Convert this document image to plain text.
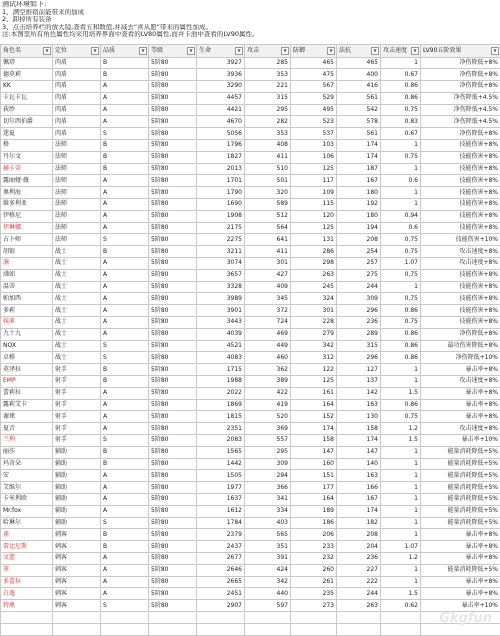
测试环境如下:
1、满空推销前能带来的加成
2、卸掉所有装备
3、点击培养栏的放大镜,查看五和数值,并减去“喜从愿”带来的属性加成。
注:本图里所有角色属性均来用培养界面中查看的LV80属性,而并卡池中查看的LV90属性。
角色名 ▼	定位 ▼	品质 ▼	等级 ▼	生命 ▼	攻击 ▼	防御 ▼	法抗 ▼	攻击速度 ▼	LV90五阶效果 ▼

佩塔	肉盾	B	5阶80	3927	285	465	465	1	净伤降低+8%
德莫莉	肉盾	B	5阶80	3936	353	475	400	0.67	净伤降低+8%
KK	肉盾	A	5阶80	3290	221	567	416	0.86	净伤降低+8%
卡瓦卡瓦	肉盾	A	5阶80	4457	315	529	561	0.86	净伤降低+4.5%
荻纱	肉盾	A	5阶80	4421	295	495	542	0.75	净伤降低+4.5%
切尔西伯爵	肉盾	A	5阶80	4670	282	523	578	0.83	净伤降低+4.5%
迷夏	肉盾	S	5阶80	5056	353	537	561	0.67	净伤降低+8%
格	法师	B	5阶80	1796	408	103	174	1	技能伤害+8%
丹尔文	法师	B	5阶80	1827	411	106	174	0.75	技能伤害+8%
赫卡蒂	法师	B	5阶80	2013	510	125	187	1	技能伤害+8%
露丽娅·薇	法师	A	5阶80	1701	501	117	167	0.6	技能伤害+8%
奥利海	法师	A	5阶80	1790	320	109	180	1	技能伤害+8%
維多利亚	法师	A	5阶80	1690	589	115	192	1	技能伤害+8%
伊格尼	法师	A	5阶80	1908	512	120	180	0.94	技能伤害+8%
伊琳娜	法师	A	5阶80	2175	564	125	194	0.6	技能伤害+8%
占卜师	法师	S	5阶80	2275	641	131	208	0.75	技能伤害+10%
胡银	战士	B	5阶80	3211	411	286	254	0.75	攻击速度+8%
凛	战士	A	5阶80	3074	301	298	257	1.07	攻击速度+8%
沸如	战士	A	5阶80	3657	427	263	275	0.75	技能伤害+8%
温蒂	战士	A	5阶80	3328	409	245	244	1	技能伤害+8%
帕加西	战士	A	5阶80	3989	345	324	309	0.75	技能伤害+8%
多莉	战士	A	5阶80	3901	372	301	296	0.86	技能伤害+8%
妹萝	战士	A	5阶80	3443	724	228	236	0.75	技能伤害+8%
九十九	战士	A	5阶80	4039	469	279	289	0.86	净伤降低+8%
NOX	战士	S	5阶80	4521	449	342	315	0.86	最功伤害降低+8%
卓格	战士	S	5阶80	4083	460	312	296	0.86	净伤降低+10%
莫泽拉	射手	B	5阶80	1715	362	122	127	1	暴击率+8%
EMP	射手	B	5阶80	1988	389	125	137	1	攻击速度+8%
蕾莉拉	射手	A	5阶80	2022	422	161	142	1.5	暴击率+8%
露莉艾卡	射手	A	5阶80	1869	419	164	163	0.86	暴击率+8%
谢瑾	射手	A	5阶80	1815	520	152	130	0.75	暴击率+8%
夏音	射手	A	5阶80	2351	369	174	158	1.2	攻击速度+8%
兰利	射手	S	5阶80	2083	557	158	174	1.5	暴击率+10%
丽莎	辅助	B	5阶80	1565	295	147	147	1	能量消耗降低+5%
玛奇朵	辅助	B	5阶80	1442	309	160	140	1	能量消耗降低+5%
安	辅助	A	5阶80	1505	294	151	163	1	能量消耗降低+5%
艾维尔	辅助	A	5阶80	1977	366	177	166	1	能量消耗降低+5%
卡米利欧	辅助	A	5阶80	1637	341	164	167	1	能量消耗降低+5%
Mr.fox	辅助	A	5阶80	1612	334	189	174	1	能量消耗降低+5%
哈琳尔	辅助	S	5阶80	1784	403	186	182	1	能量消耗降低+5%
雀	刺客	B	5阶80	2379	565	206	208	1	暴击率+8%
雷比尼斯	刺客	B	5阶80	2437	351	233	204	1.07	暴击率+8%
文慈	刺客	A	5阶80	2677	391	232	236	1.2	暴击率+8%
罩	刺客	A	5阶80	2646	424	260	227	1	能量消耗降低+5%
多蕾拉	刺客	A	5阶80	2665	342	261	222	1	暴击率+8%
白逸	刺客	A	5阶80	2451	440	235	244	1.5	暴击率+8%
特奥	刺客	S	5阶80	2907	597	273	263	0.62	暴击率+10%

Gkgfun
